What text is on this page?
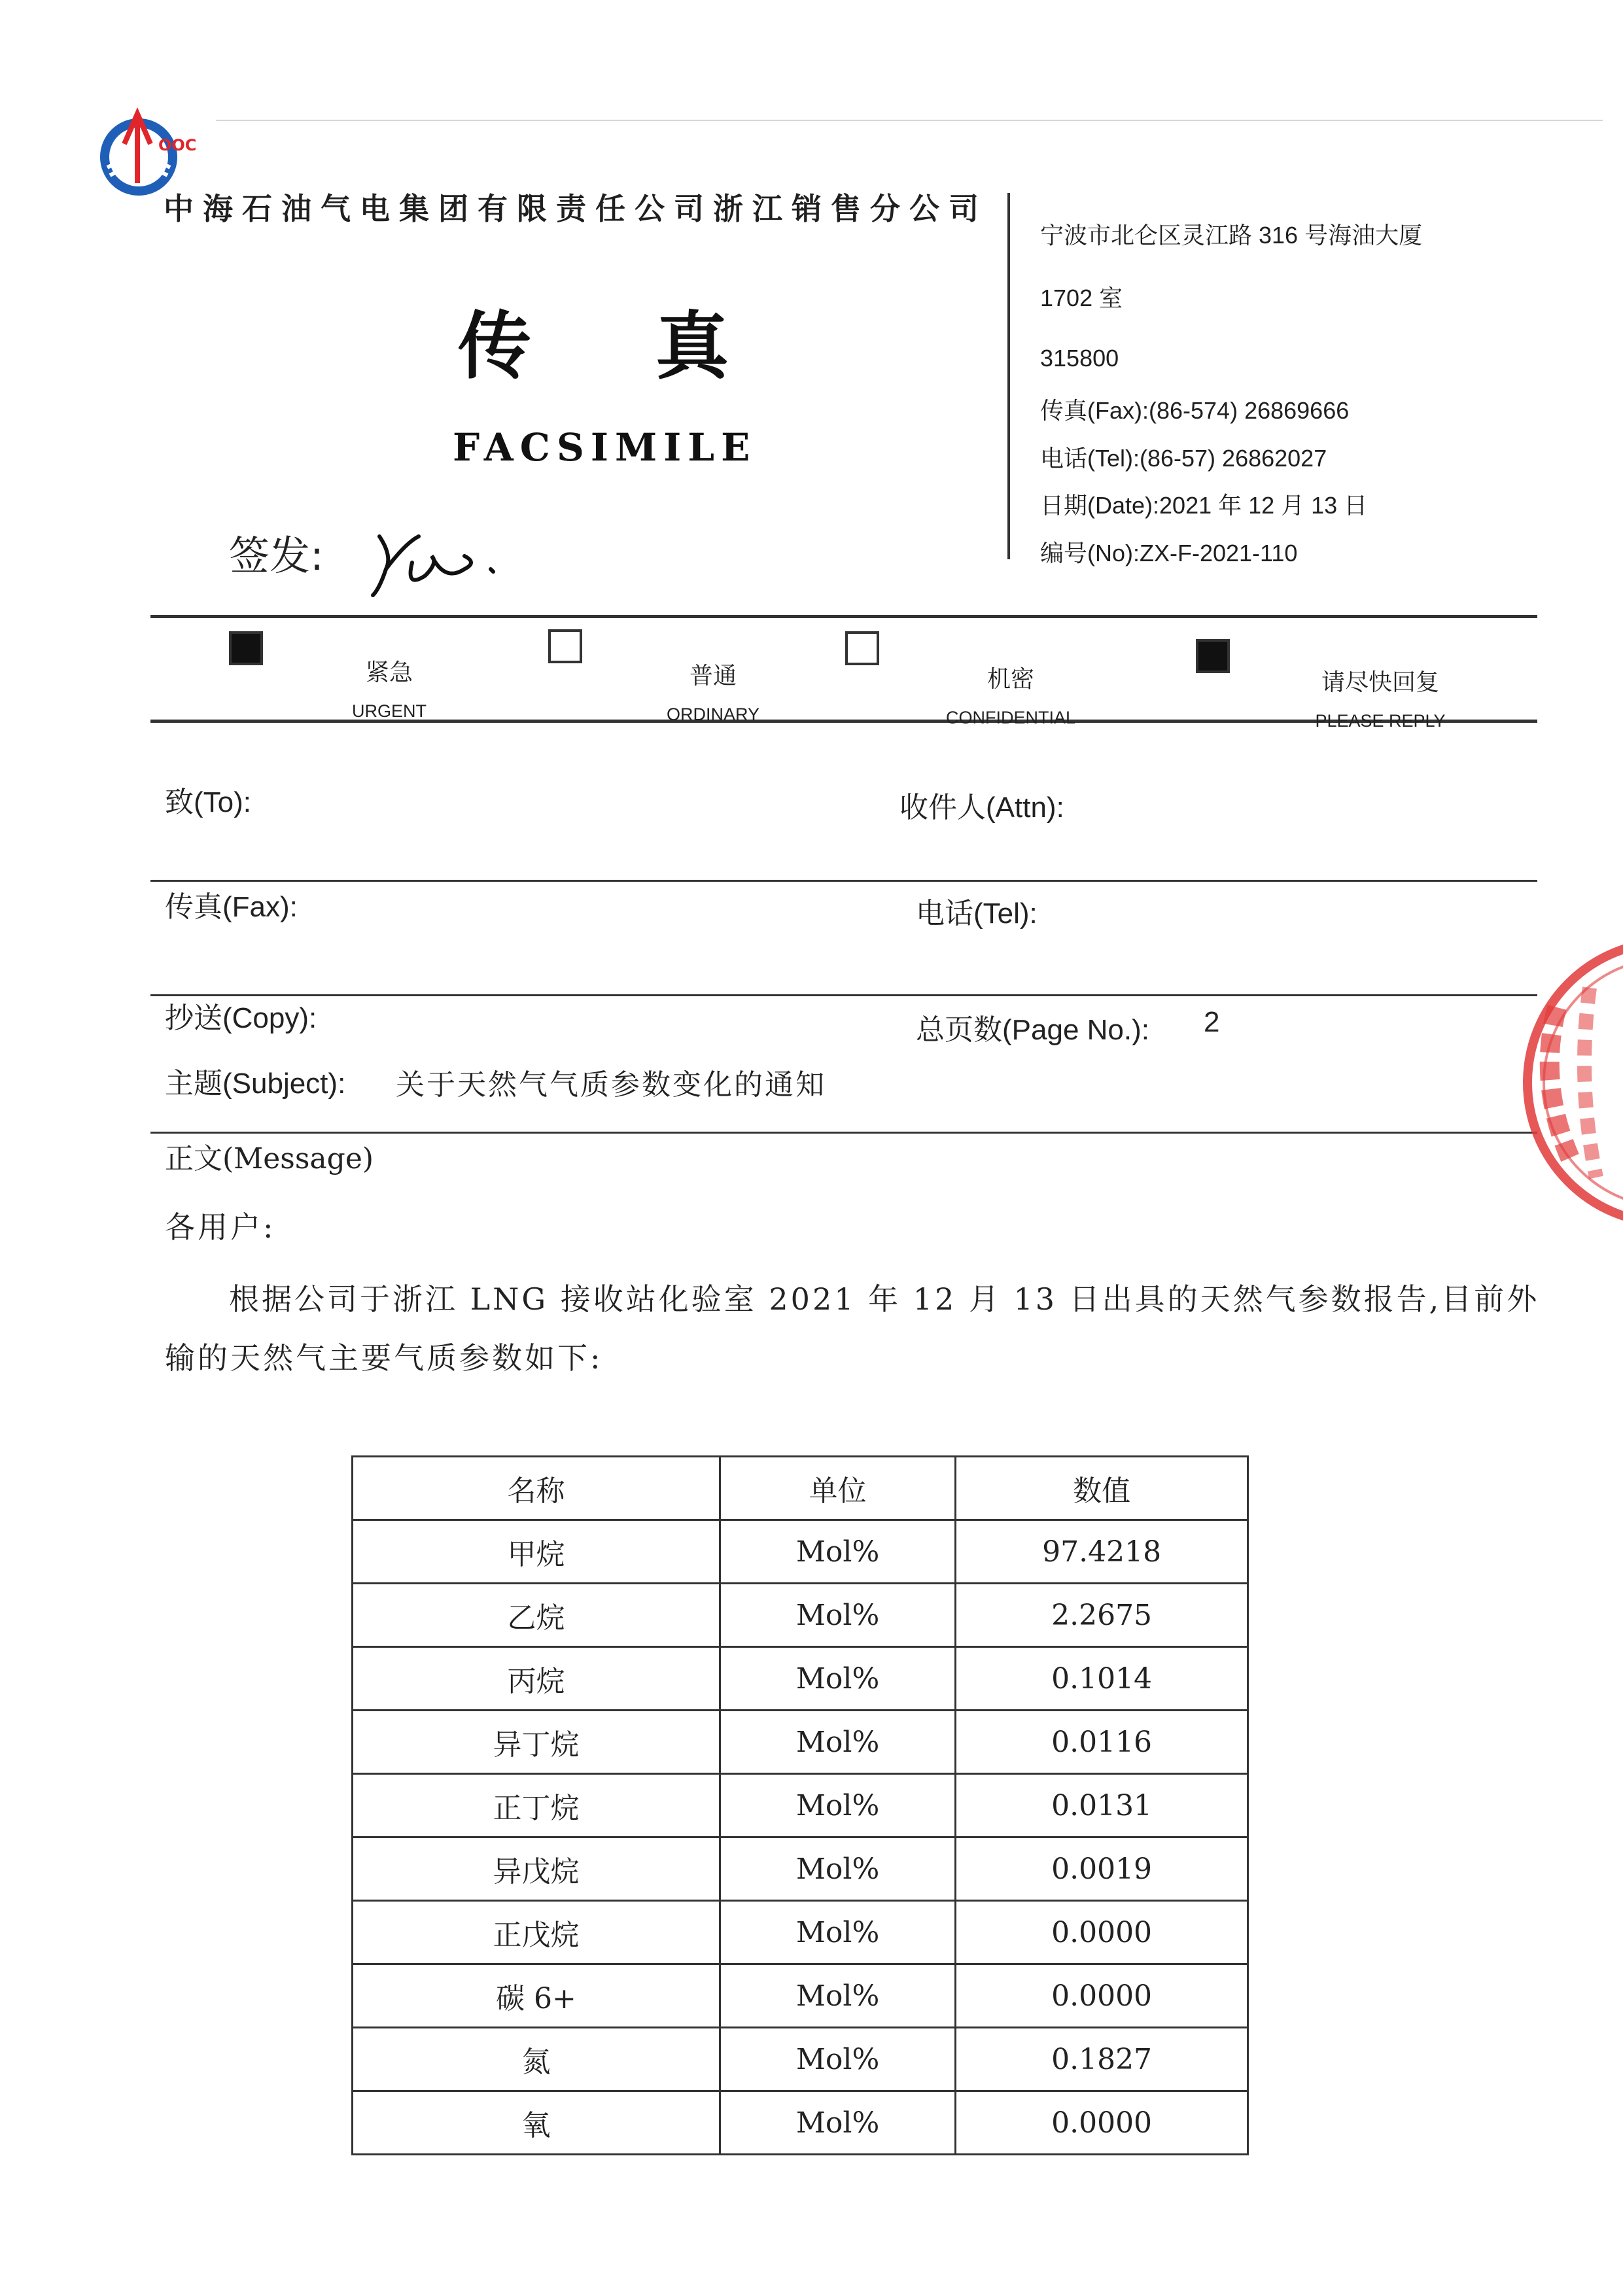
OOC
中海石油气电集团有限责任公司浙江销售分公司
传真
FACSIMILE
宁波市北仑区灵江路 316 号海油大厦
1702 室
315800
传真(Fax):(86-574) 26869666
电话(Tel):(86-57) 26862027
日期(Date):2021 年 12 月 13 日
编号(No):ZX-F-2021-110
签发:
紧急
URGENT
普通
ORDINARY
机密
CONFIDENTIAL
请尽快回复
PLEASE REPLY
致(To):	收件人(Attn):
传真(Fax):	电话(Tel):
抄送(Copy):	总页数(Page No.): 2
主题(Subject): 关于天然气气质参数变化的通知
正文(Message)
各用户:
根据公司于浙江 LNG 接收站化验室 2021 年 12 月 13 日出具的天然气参数报告,目前外
输的天然气主要气质参数如下:
名称	单位	数值
甲烷	Mol%	97.4218
乙烷	Mol%	2.2675
丙烷	Mol%	0.1014
异丁烷	Mol%	0.0116
正丁烷	Mol%	0.0131
异戊烷	Mol%	0.0019
正戊烷	Mol%	0.0000
碳 6+	Mol%	0.0000
氮	Mol%	0.1827
氧	Mol%	0.0000
